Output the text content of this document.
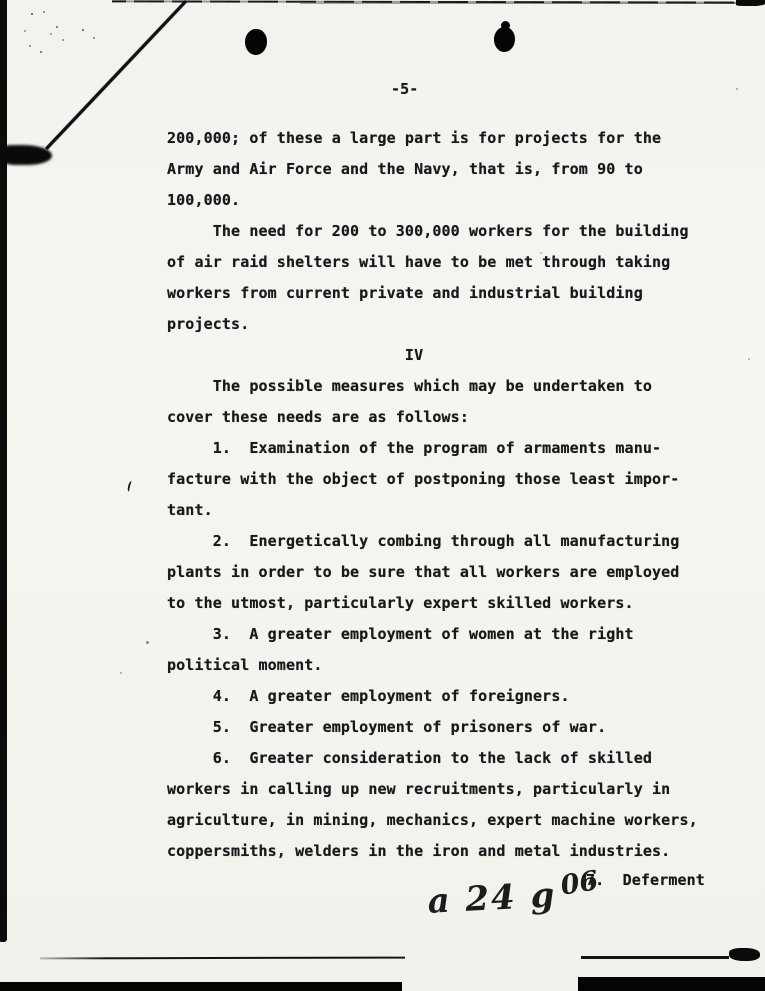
-5-
200,000; of these a large part is for projects for the
Army and Air Force and the Navy, that is, from 90 to
100,000.
The need for 200 to 300,000 workers for the building
of air raid shelters will have to be met through taking
workers from current private and industrial building
projects.
IV
The possible measures which may be undertaken to
cover these needs are as follows:
1.  Examination of the program of armaments manu-
facture with the object of postponing those least impor-
tant.
2.  Energetically combing through all manufacturing
plants in order to be sure that all workers are employed
to the utmost, particularly expert skilled workers.
3.  A greater employment of women at the right
political moment.
4.  A greater employment of foreigners.
5.  Greater employment of prisoners of war.
6.  Greater consideration to the lack of skilled
workers in calling up new recruitments, particularly in
agriculture, in mining, mechanics, expert machine workers,
coppersmiths, welders in the iron and metal industries.
7.  Deferment

a 24 g06
